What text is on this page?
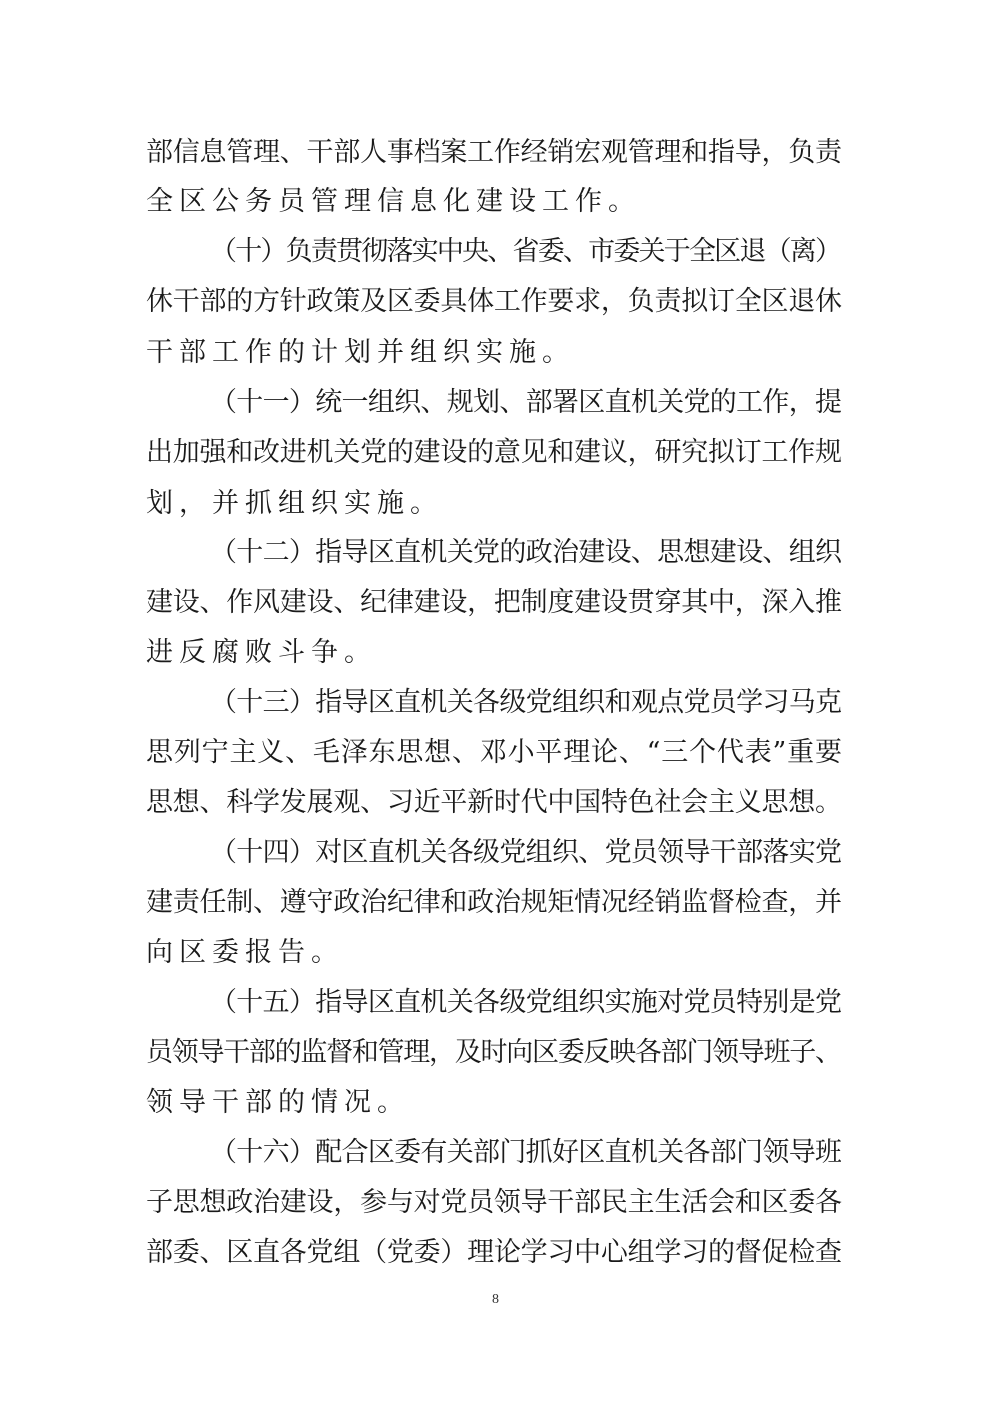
部信息管理、干部人事档案工作经销宏观管理和指导，负责
全区公务员管理信息化建设工作。
（十）负责贯彻落实中央、省委、市委关于全区退（离）
休干部的方针政策及区委具体工作要求，负责拟订全区退休
干部工作的计划并组织实施。
（十一）统一组织、规划、部署区直机关党的工作，提
出加强和改进机关党的建设的意见和建议，研究拟订工作规
划，并抓组织实施。
（十二）指导区直机关党的政治建设、思想建设、组织
建设、作风建设、纪律建设，把制度建设贯穿其中，深入推
进反腐败斗争。
（十三）指导区直机关各级党组织和观点党员学习马克
思列宁主义、毛泽东思想、邓小平理论、“三个代表”重要
思想、科学发展观、习近平新时代中国特色社会主义思想。
（十四）对区直机关各级党组织、党员领导干部落实党
建责任制、遵守政治纪律和政治规矩情况经销监督检查，并
向区委报告。
（十五）指导区直机关各级党组织实施对党员特别是党
员领导干部的监督和管理，及时向区委反映各部门领导班子、
领导干部的情况。
（十六）配合区委有关部门抓好区直机关各部门领导班
子思想政治建设，参与对党员领导干部民主生活会和区委各
部委、区直各党组（党委）理论学习中心组学习的督促检查
8
